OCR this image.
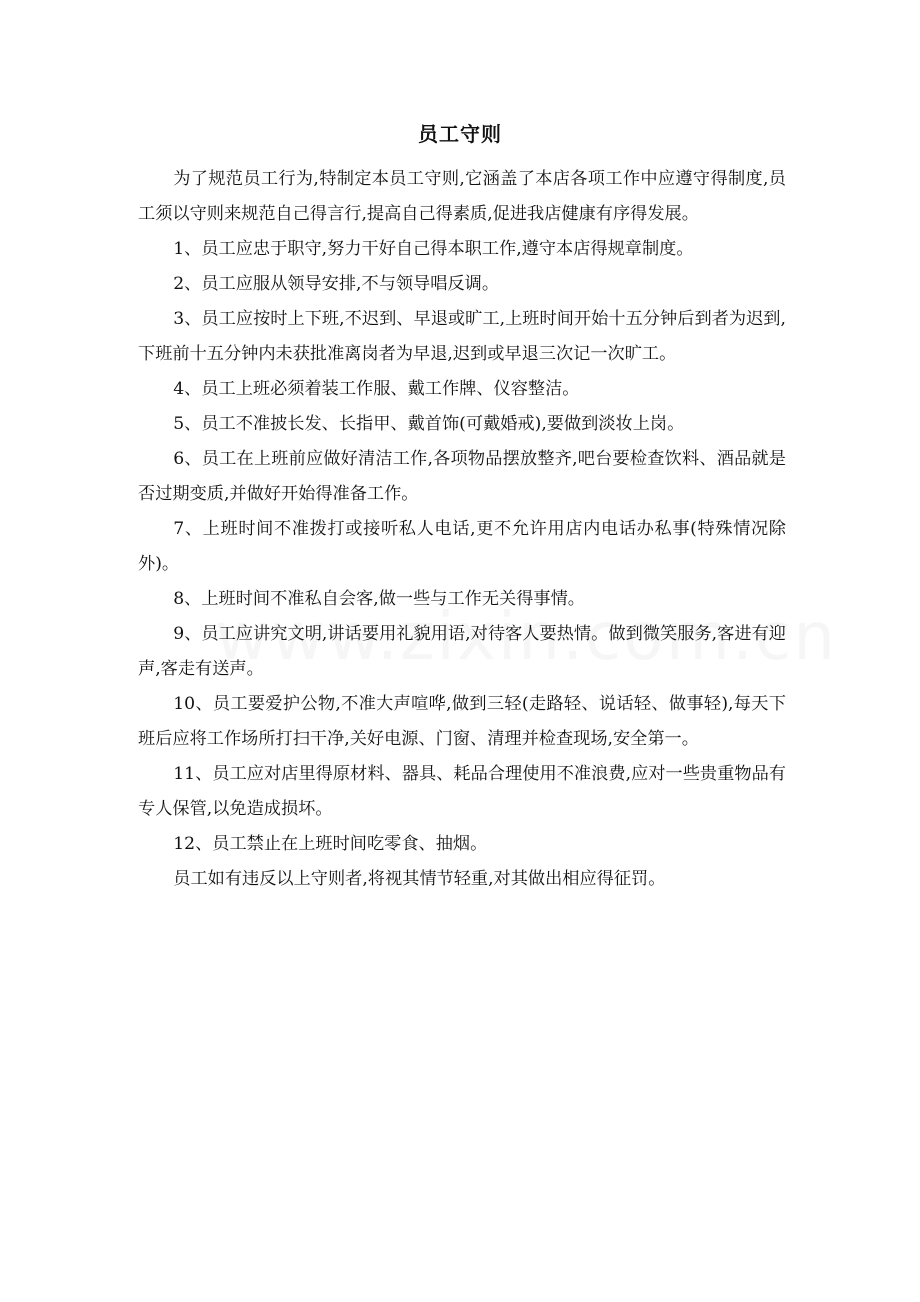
员工守则

为了规范员工行为,特制定本员工守则,它涵盖了本店各项工作中应遵守得制度,员工须以守则来规范自己得言行,提高自己得素质,促进我店健康有序得发展。

1、员工应忠于职守,努力干好自己得本职工作,遵守本店得规章制度。

2、员工应服从领导安排,不与领导唱反调。

3、员工应按时上下班,不迟到、早退或旷工,上班时间开始十五分钟后到者为迟到,下班前十五分钟内未获批准离岗者为早退,迟到或早退三次记一次旷工。

4、员工上班必须着装工作服、戴工作牌、仪容整洁。

5、员工不准披长发、长指甲、戴首饰(可戴婚戒),要做到淡妆上岗。

6、员工在上班前应做好清洁工作,各项物品摆放整齐,吧台要检查饮料、酒品就是否过期变质,并做好开始得准备工作。

7、上班时间不准拨打或接听私人电话,更不允许用店内电话办私事(特殊情况除外)。

8、上班时间不准私自会客,做一些与工作无关得事情。

9、员工应讲究文明,讲话要用礼貌用语,对待客人要热情。做到微笑服务,客进有迎声,客走有送声。

10、员工要爱护公物,不准大声喧哗,做到三轻(走路轻、说话轻、做事轻),每天下班后应将工作场所打扫干净,关好电源、门窗、清理并检查现场,安全第一。

11、员工应对店里得原材料、器具、耗品合理使用不准浪费,应对一些贵重物品有专人保管,以免造成损坏。

12、员工禁止在上班时间吃零食、抽烟。

员工如有违反以上守则者,将视其情节轻重,对其做出相应得征罚。
